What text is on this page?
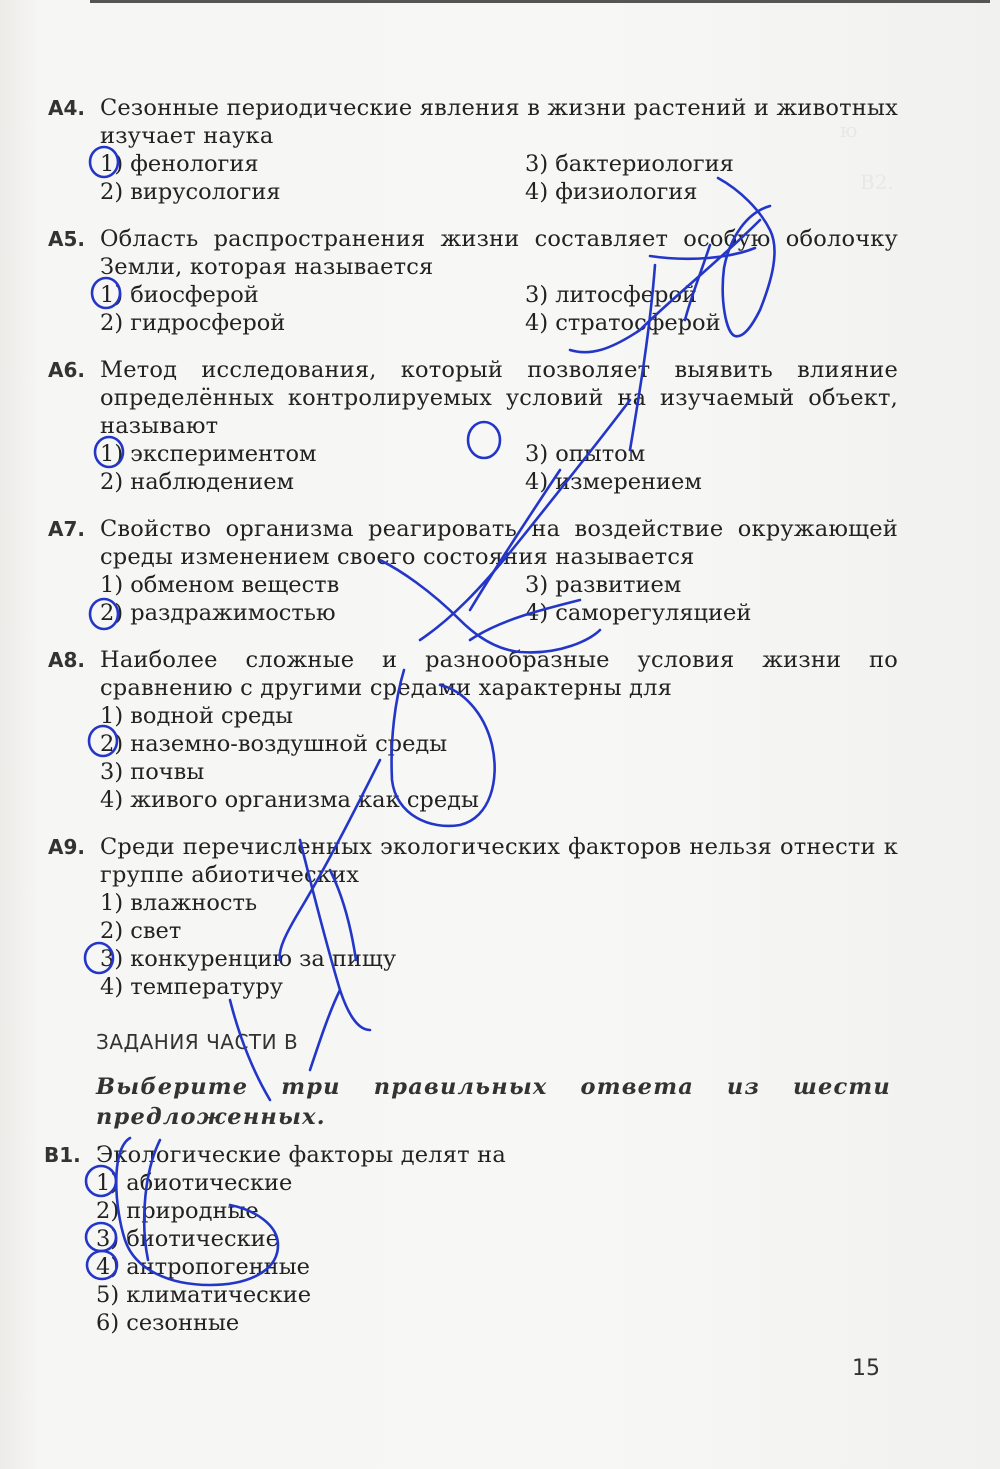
A4. Сезонные периодические явления в жизни растений и животных изучает наука
1) фенология	3) бактериология
2) вирусология	4) физиология
A5. Область распространения жизни составляет особую оболочку Земли, которая называется
1) биосферой	3) литосферой
2) гидросферой	4) стратосферой
A6. Метод исследования, который позволяет выявить влияние определённых контролируемых условий на изучаемый объект, называют
1) экспериментом	3) опытом
2) наблюдением	4) измерением
A7. Свойство организма реагировать на воздействие окружающей среды изменением своего состояния называется
1) обменом веществ	3) развитием
2) раздражимостью	4) саморегуляцией
A8. Наиболее сложные и разнообразные условия жизни по сравнению с другими средами характерны для
1) водной среды
2) наземно-воздушной среды
3) почвы
4) живого организма как среды
A9. Среди перечисленных экологических факторов нельзя отнести к группе абиотических
1) влажность
2) свет
3) конкуренцию за пищу
4) температуру
ЗАДАНИЯ ЧАСТИ В
Выберите три правильных ответа из шести предложенных.
B1. Экологические факторы делят на
1) абиотические
2) природные
3) биотические
4) антропогенные
5) климатические
6) сезонные
15
